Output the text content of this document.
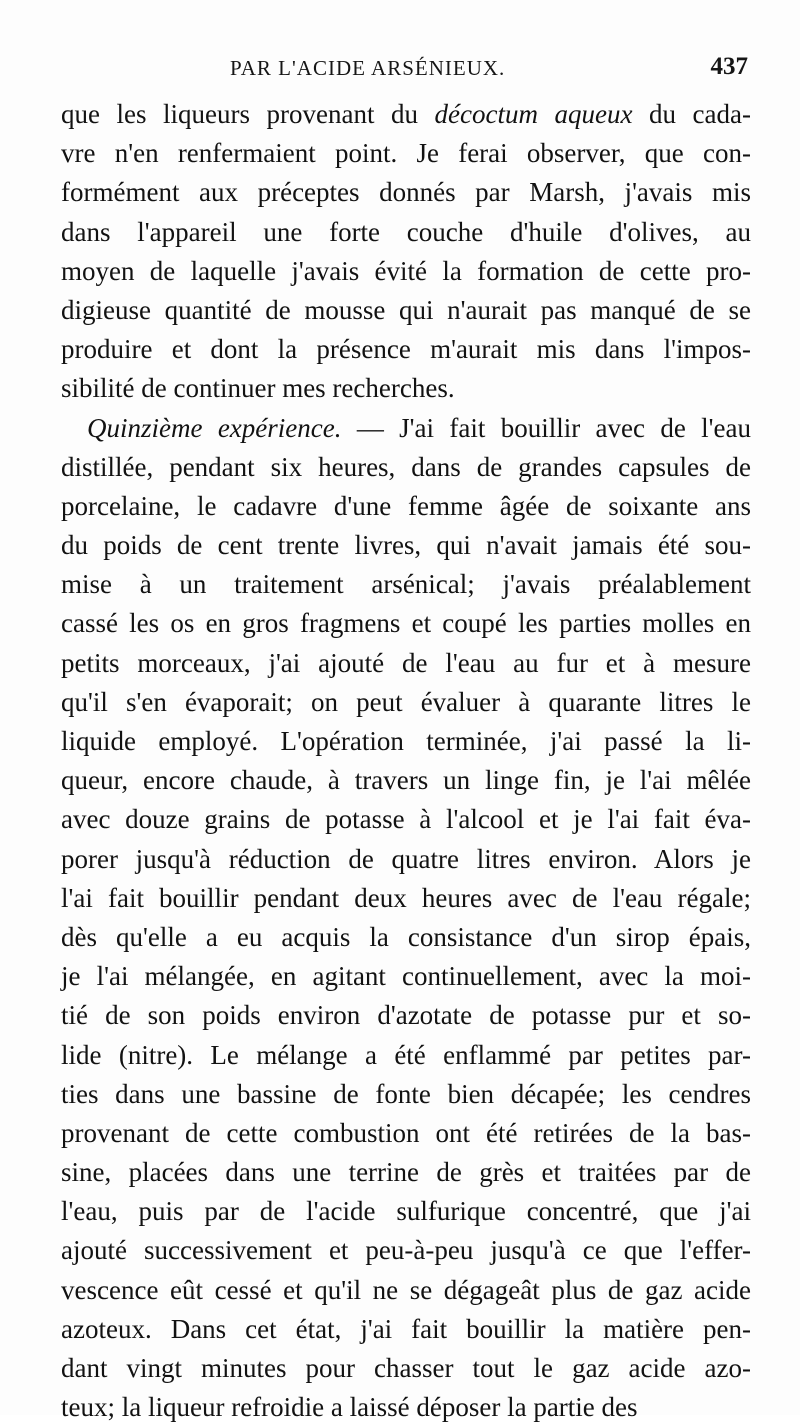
PAR L'ACIDE ARSÉNIEUX.	437
que les liqueurs provenant du décoctum aqueux du cada-
vre n'en renfermaient point. Je ferai observer, que con-
formément aux préceptes donnés par Marsh, j'avais mis
dans l'appareil une forte couche d'huile d'olives, au
moyen de laquelle j'avais évité la formation de cette pro-
digieuse quantité de mousse qui n'aurait pas manqué de se
produire et dont la présence m'aurait mis dans l'impos-
sibilité de continuer mes recherches.
Quinzième expérience. — J'ai fait bouillir avec de l'eau
distillée, pendant six heures, dans de grandes capsules de
porcelaine, le cadavre d'une femme âgée de soixante ans
du poids de cent trente livres, qui n'avait jamais été sou-
mise à un traitement arsénical; j'avais préalablement
cassé les os en gros fragmens et coupé les parties molles en
petits morceaux, j'ai ajouté de l'eau au fur et à mesure
qu'il s'en évaporait; on peut évaluer à quarante litres le
liquide employé. L'opération terminée, j'ai passé la li-
queur, encore chaude, à travers un linge fin, je l'ai mêlée
avec douze grains de potasse à l'alcool et je l'ai fait éva-
porer jusqu'à réduction de quatre litres environ. Alors je
l'ai fait bouillir pendant deux heures avec de l'eau régale;
dès qu'elle a eu acquis la consistance d'un sirop épais,
je l'ai mélangée, en agitant continuellement, avec la moi-
tié de son poids environ d'azotate de potasse pur et so-
lide (nitre). Le mélange a été enflammé par petites par-
ties dans une bassine de fonte bien décapée; les cendres
provenant de cette combustion ont été retirées de la bas-
sine, placées dans une terrine de grès et traitées par de
l'eau, puis par de l'acide sulfurique concentré, que j'ai
ajouté successivement et peu-à-peu jusqu'à ce que l'effer-
vescence eût cessé et qu'il ne se dégageât plus de gaz acide
azoteux. Dans cet état, j'ai fait bouillir la matière pen-
dant vingt minutes pour chasser tout le gaz acide azo-
teux; la liqueur refroidie a laissé déposer la partie des
